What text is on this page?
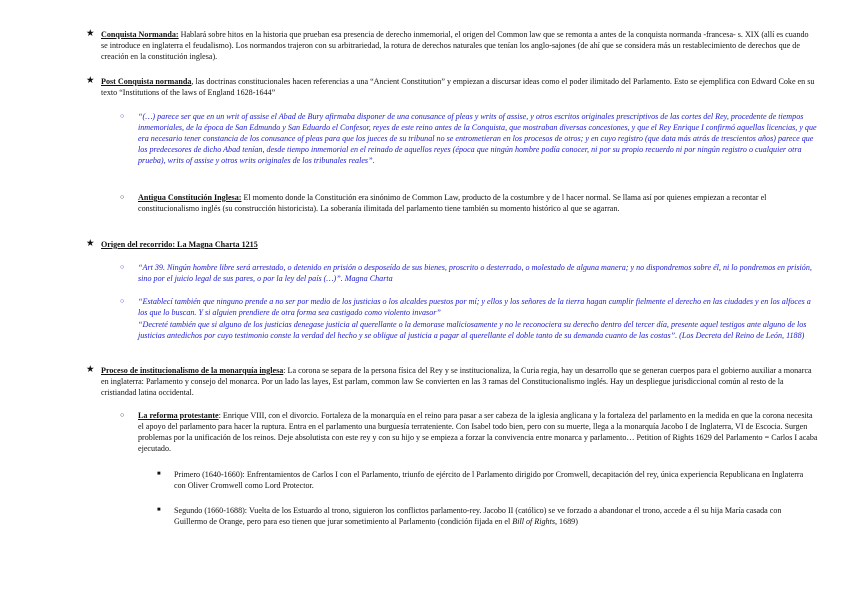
★ Conquista Normanda: Hablará sobre hitos en la historia que prueban esa presencia de derecho inmemorial, el origen del Common law que se remonta a antes de la conquista normanda -francesa- s. XIX (allí es cuando se introduce en inglaterra el feudalismo). Los normandos trajeron con su arbitrariedad, la rotura de derechos naturales que tenían los anglo-sajones (de ahí que se considera más un restablecimiento de derechos que de creación en la constitución inglesa).
★ Post Conquista normanda, las doctrinas constitucionales hacen referencias a una “Ancient Constitution” y empiezan a discursar ideas como el poder ilimitado del Parlamento. Esto se ejemplifica con Edward Coke en su texto “Institutions of the laws of England 1628-1644”
○ “(…) parece ser que en un writ of assise el Abad de Bury afirmaba disponer de una conusance of pleas y writs of assise, y otros escritos originales prescriptivos de las cortes del Rey, procedente de tiempos inmemoriales, de la época de San Edmundo y San Eduardo el Confesor, reyes de este reino antes de la Conquista, que mostraban diversas concesiones, y que el Rey Enrique I confirmó aquellas licencias, y que era necesario tener constancia de los conusance of pleas para que los jueces de su tribunal no se entrometieran en los procesos de otros; y en cuyo registro (que data más atrás de trescientos años) parece que los predecesores de dicho Abad tenían, desde tiempo inmemorial en el reinado de aquellos reyes (época que ningún hombre podía conocer, ni por su propio recuerdo ni por ningún registro o cualquier otra prueba), writs of assise y otros writs originales de los tribunales reales”.
○ Antigua Constitución Inglesa: El momento donde la Constitución era sinónimo de Common Law, producto de la costumbre y de l hacer normal. Se llama así por quienes empiezan a recontar el constitucionalismo inglés (su construcción historicista). La soberanía ilimitada del parlamento tiene también su momento histórico al que se agarran.
★ Origen del recorrido: La Magna Charta 1215
○ “Art 39. Ningún hombre libre será arrestado, o detenido en prisión o desposeído de sus bienes, proscrito o desterrado, o molestado de alguna manera; y no dispondremos sobre él, ni lo pondremos en prisión, sino por el juicio legal de sus pares, o por la ley del país (…)”. Magna Charta
○ “Establecí también que ninguno prende a no ser por medio de los justicias o los alcaldes puestos por mí; y ellos y los señores de la tierra hagan cumplir fielmente el derecho en las ciudades y en los alfoces a los que lo buscan. Y si alguien prendiere de otra forma sea castigado como violento invasor”
“Decreté también que si alguno de los justicias denegase justicia al querellante o la demorase maliciosamente y no le reconociera su derecho dentro del tercer día, presente aquel testigos ante alguno de los justicias antedichos por cuyo testimonio conste la verdad del hecho y se obligue al justicia a pagar al querellante el doble tanto de su demanda cuanto de las costas”. (Los Decreta del Reino de León, 1188)
★ Proceso de institucionalismo de la monarquía inglesa: La corona se separa de la persona física del Rey y se institucionaliza, la Curia regia, hay un desarrollo que se generan cuerpos para el gobierno auxiliar a monarca en inglaterra: Parlamento y consejo del monarca. Por un lado las layes, Est parlam, common law Se convierten en las 3 ramas del Constitucionalismo inglés. Hay un despliegue jurisdiccional común al resto de la cristiandad latina occidental.
○ La reforma protestante: Enrique VIII, con el divorcio. Fortaleza de la monarquía en el reino para pasar a ser cabeza de la iglesia anglicana y la fortaleza del parlamento en la medida en que la corona necesita el apoyo del parlamento para hacer la ruptura. Entra en el parlamento una burguesía terrateniente. Con Isabel todo bien, pero con su muerte, llega a la monarquía Jacobo I de Inglaterra, VI de Escocia. Surgen problemas por la unificación de los reinos. Deje absolutista con este rey y con su hijo y se empieza a forzar la convivencia entre monarca y parlamento… Petition of Rights 1629 del Parlamento = Carlos I acaba ejecutado.
■ Primero (1640-1660): Enfrentamientos de Carlos I con el Parlamento, triunfo de ejército de l Parlamento dirigido por Cromwell, decapitación del rey, única experiencia Republicana en Inglaterra con Oliver Cromwell como Lord Protector.
■ Segundo (1660-1688): Vuelta de los Estuardo al trono, siguieron los conflictos parlamento-rey. Jacobo II (católico) se ve forzado a abandonar el trono, accede a él su hija María casada con Guillermo de Orange, pero para eso tienen que jurar sometimiento al Parlamento (condición fijada en el Bill of Rights, 1689)
